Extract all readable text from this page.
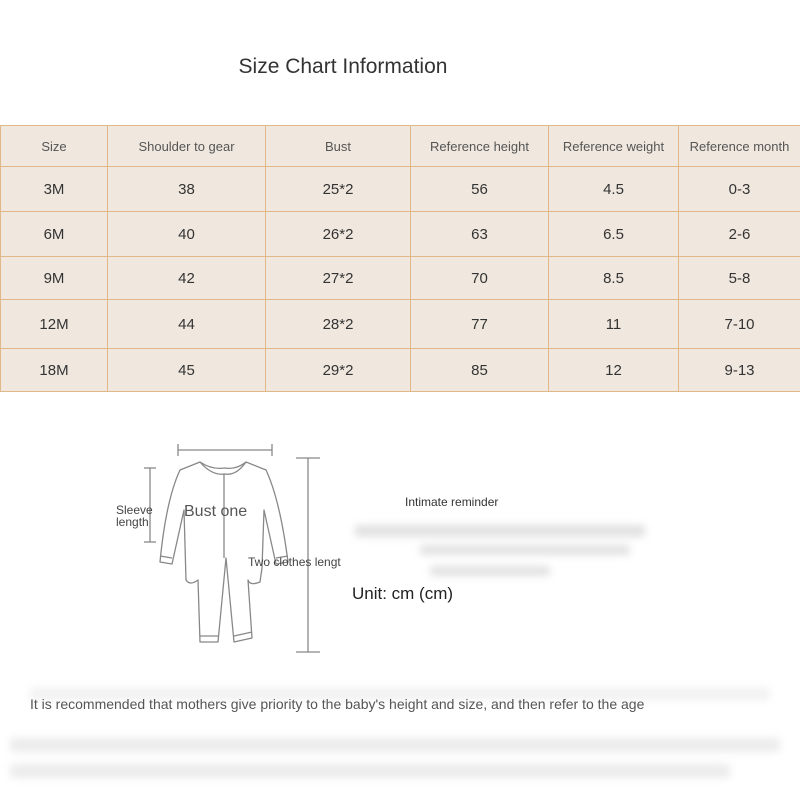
Size Chart Information
Size	Shoulder to gear	Bust	Reference height	Reference weight	Reference month
3M	38	25*2	56	4.5	0-3
6M	40	26*2	63	6.5	2-6
9M	42	27*2	70	8.5	5-8
12M	44	28*2	77	11	7-10
18M	45	29*2	85	12	9-13
Sleeve length
Bust one
Two clothes lengt
Intimate reminder
Unit: cm (cm)
It is recommended that mothers give priority to the baby's height and size, and then refer to the age
